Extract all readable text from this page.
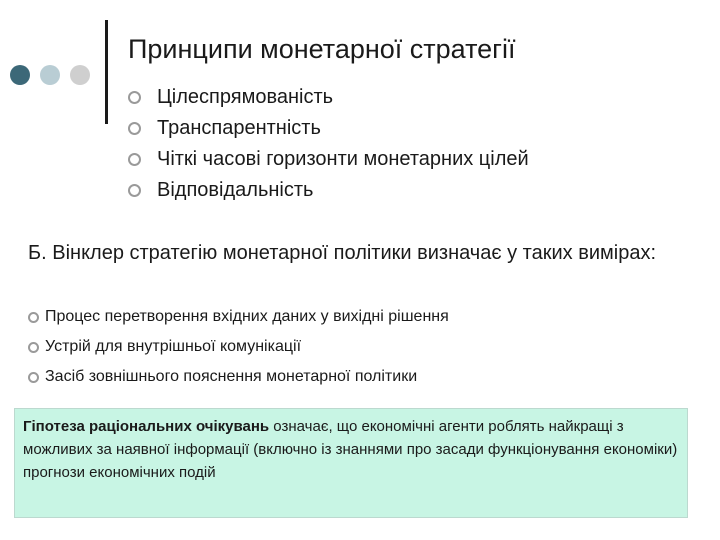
Принципи монетарної стратегії
Цілеспрямованість
Транспарентність
Чіткі часові горизонти монетарних цілей
Відповідальність
Б. Вінклер стратегію монетарної політики визначає у таких вимірах:
Процес перетворення вхідних даних у вихідні рішення
Устрій для внутрішньої комунікації
Засіб зовнішнього пояснення монетарної політики
Гіпотеза раціональних очікувань означає, що економічні агенти роблять найкращі з можливих за наявної інформації (включно із знаннями про засади функціонування економіки) прогнози економічних подій
